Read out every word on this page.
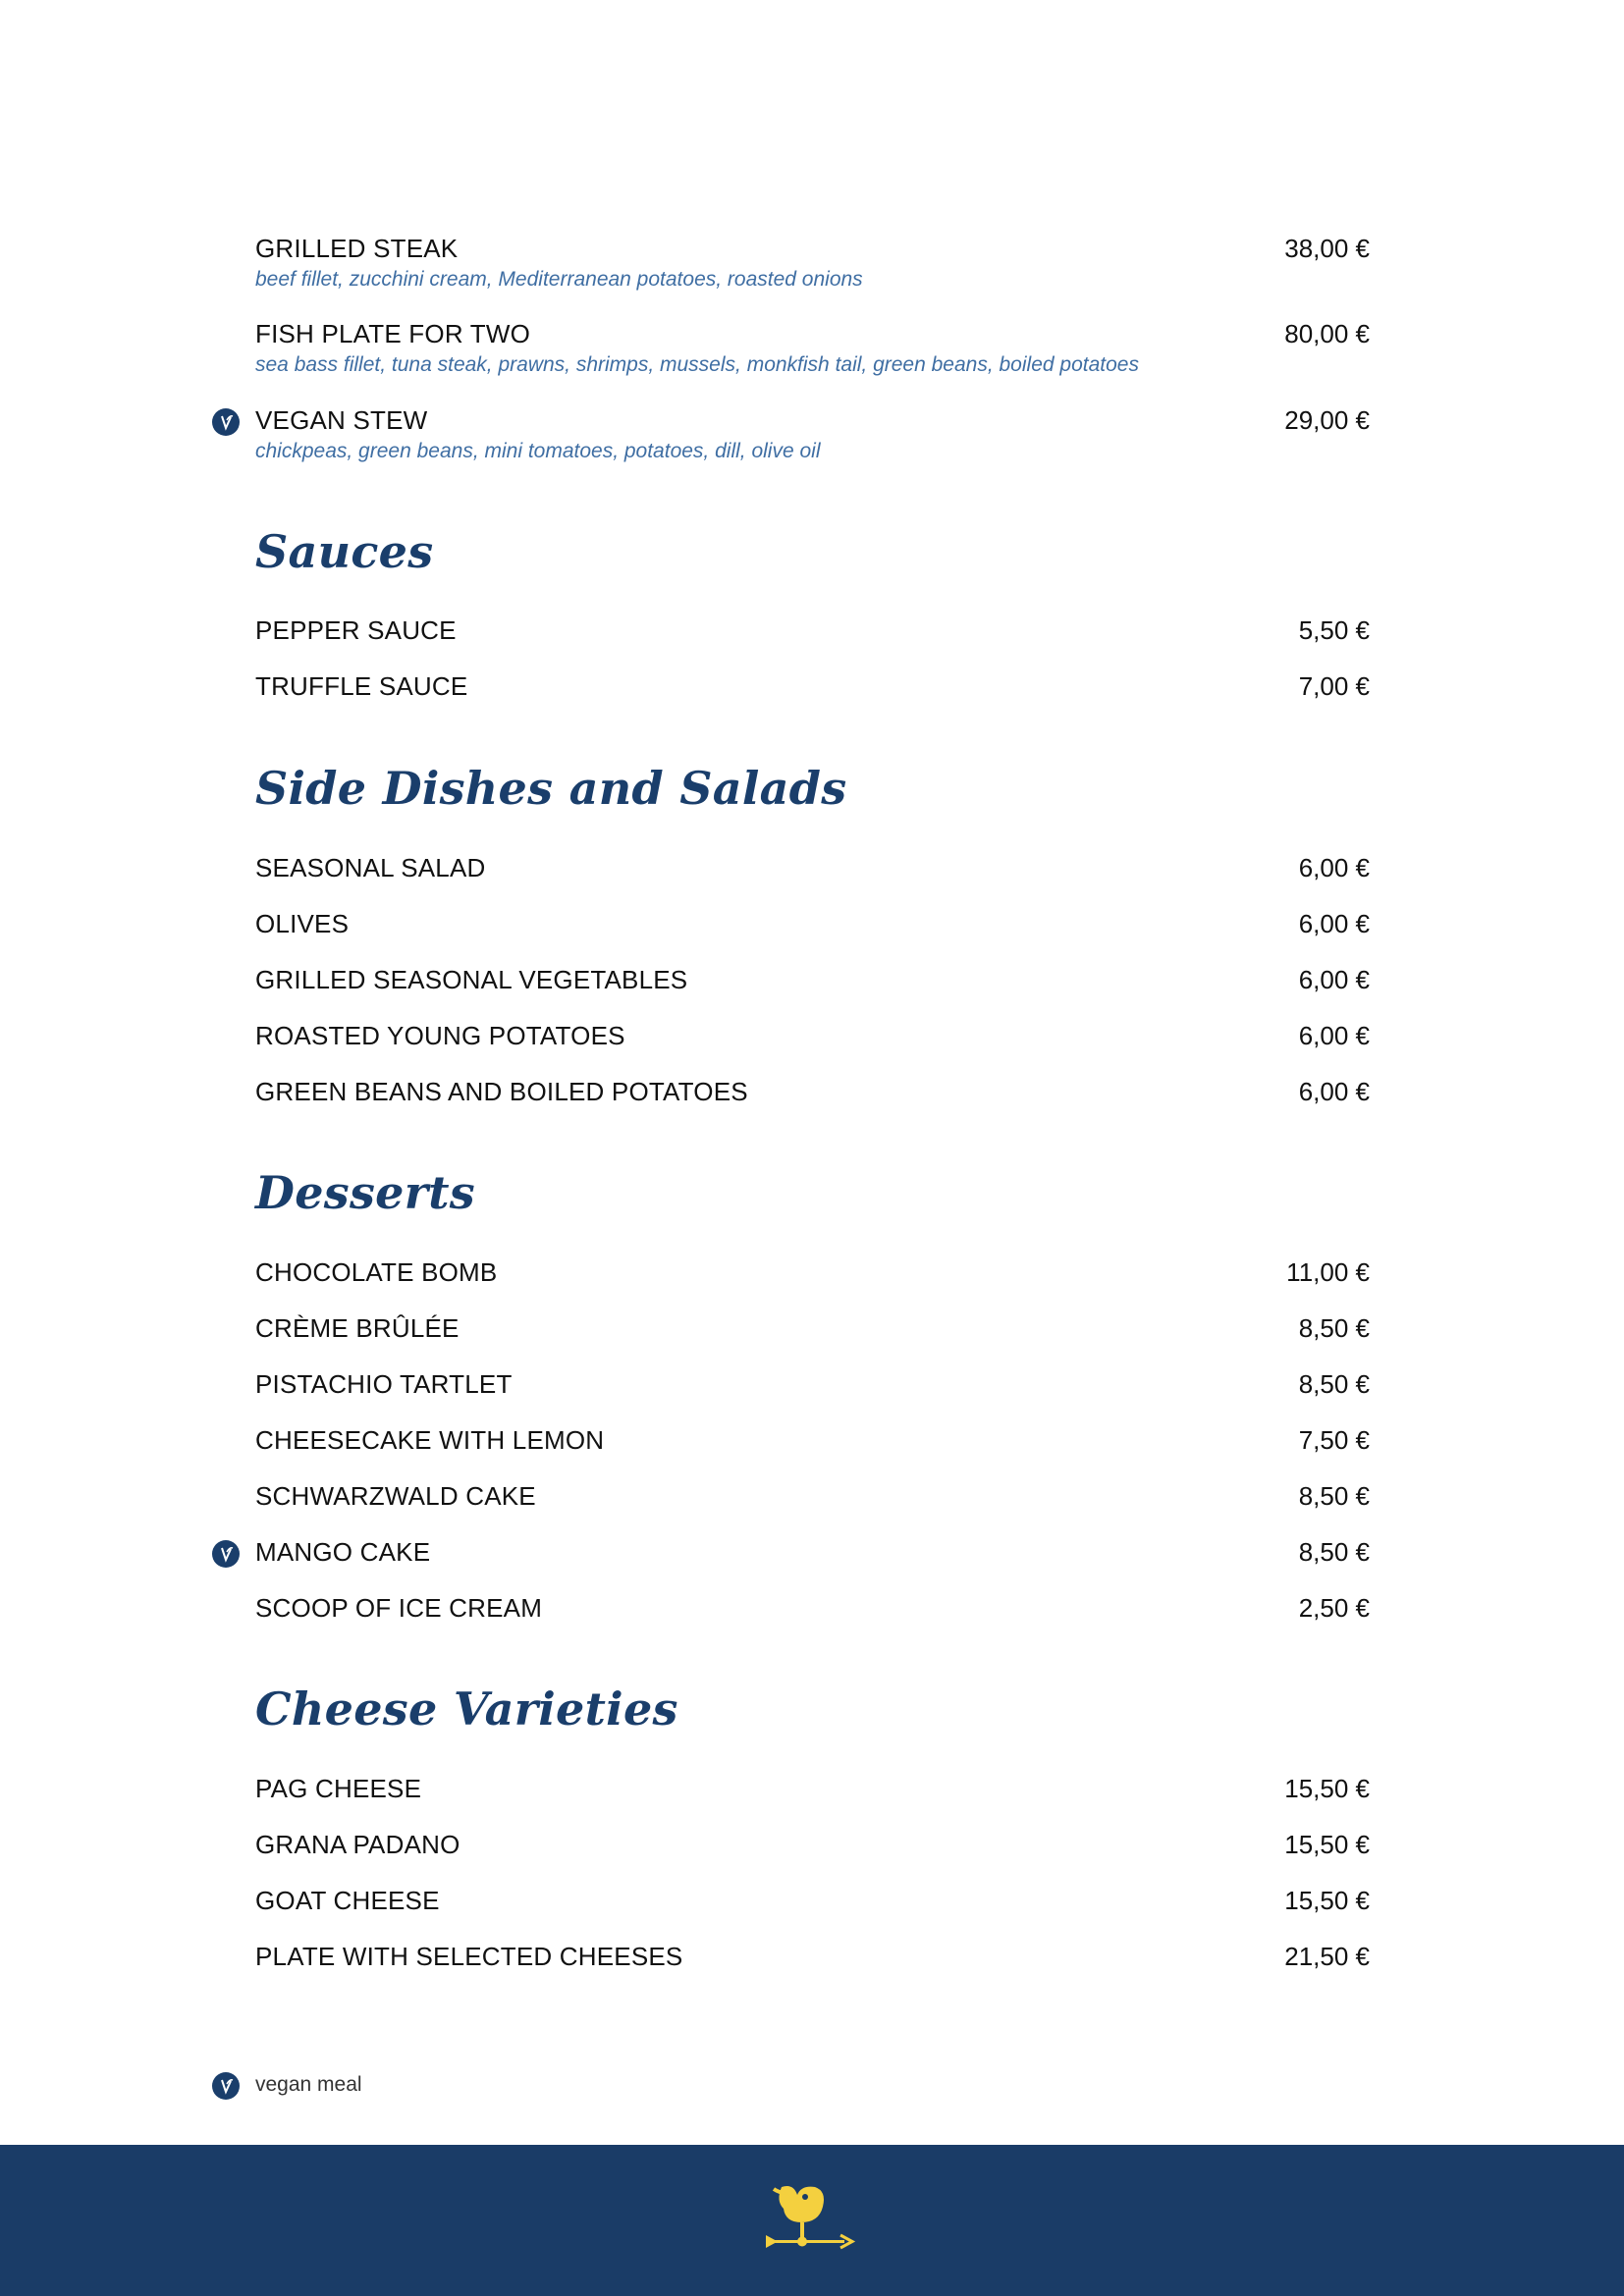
GRILLED STEAK	38,00 €
beef fillet, zucchini cream, Mediterranean potatoes, roasted onions
FISH PLATE FOR TWO	80,00 €
sea bass fillet, tuna steak, prawns, shrimps, mussels, monkfish tail, green beans, boiled potatoes
VEGAN STEW	29,00 €
chickpeas, green beans, mini tomatoes, potatoes, dill, olive oil
Sauces
PEPPER SAUCE	5,50 €
TRUFFLE SAUCE	7,00 €
Side Dishes and Salads
SEASONAL SALAD	6,00 €
OLIVES	6,00 €
GRILLED SEASONAL VEGETABLES	6,00 €
ROASTED YOUNG POTATOES	6,00 €
GREEN BEANS AND BOILED POTATOES	6,00 €
Desserts
CHOCOLATE BOMB	11,00 €
CRÈME BRÛLÉE	8,50 €
PISTACHIO TARTLET	8,50 €
CHEESECAKE WITH LEMON	7,50 €
SCHWARZWALD CAKE	8,50 €
MANGO CAKE	8,50 €
SCOOP OF ICE CREAM	2,50 €
Cheese Varieties
PAG CHEESE	15,50 €
GRANA PADANO	15,50 €
GOAT CHEESE	15,50 €
PLATE WITH SELECTED CHEESES	21,50 €
vegan meal
